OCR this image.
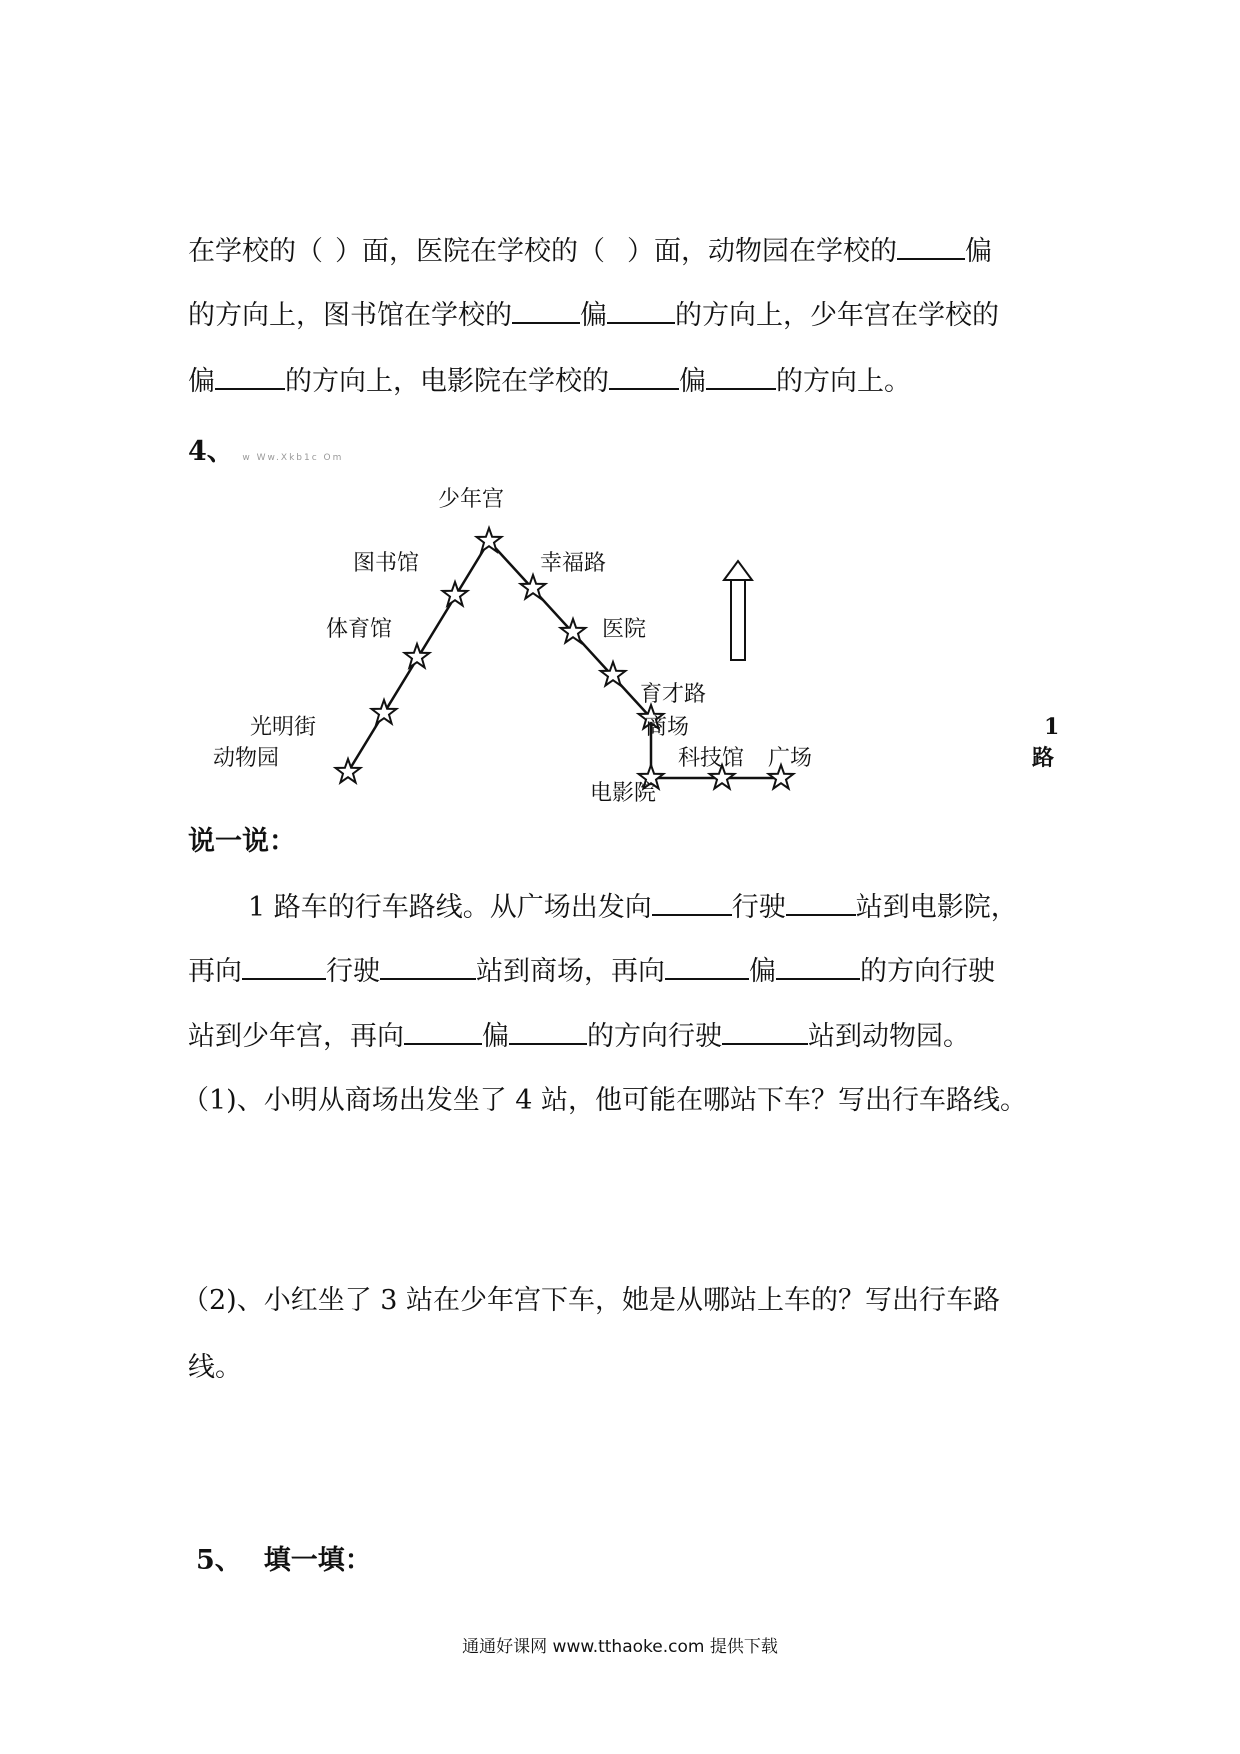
在学校的（ ）面，医院在学校的（ ）面，动物园在学校的	偏
的方向上，图书馆在学校的	偏	的方向上，少年宫在学校的
偏	的方向上，电影院在学校的	偏	的方向上。
4、 w Ww.Xkb1c Om
少年宫
图书馆	幸福路
体育馆	医院
育才路
光明街	商场
动物园	科技馆 广场
电影院
1
路
说一说：
1 路车的行车路线。从广场出发向	行驶	站到电影院，
再向	行驶	站到商场，再向	偏	的方向行驶
站到少年宫，再向	偏	的方向行驶	站到动物园。
（1)、小明从商场出发坐了 4 站，他可能在哪站下车？写出行车路线。
（2)、小红坐了 3 站在少年宫下车，她是从哪站上车的？写出行车路
线。
5、 填一填：
通通好课网 www.tthaoke.com 提供下载
